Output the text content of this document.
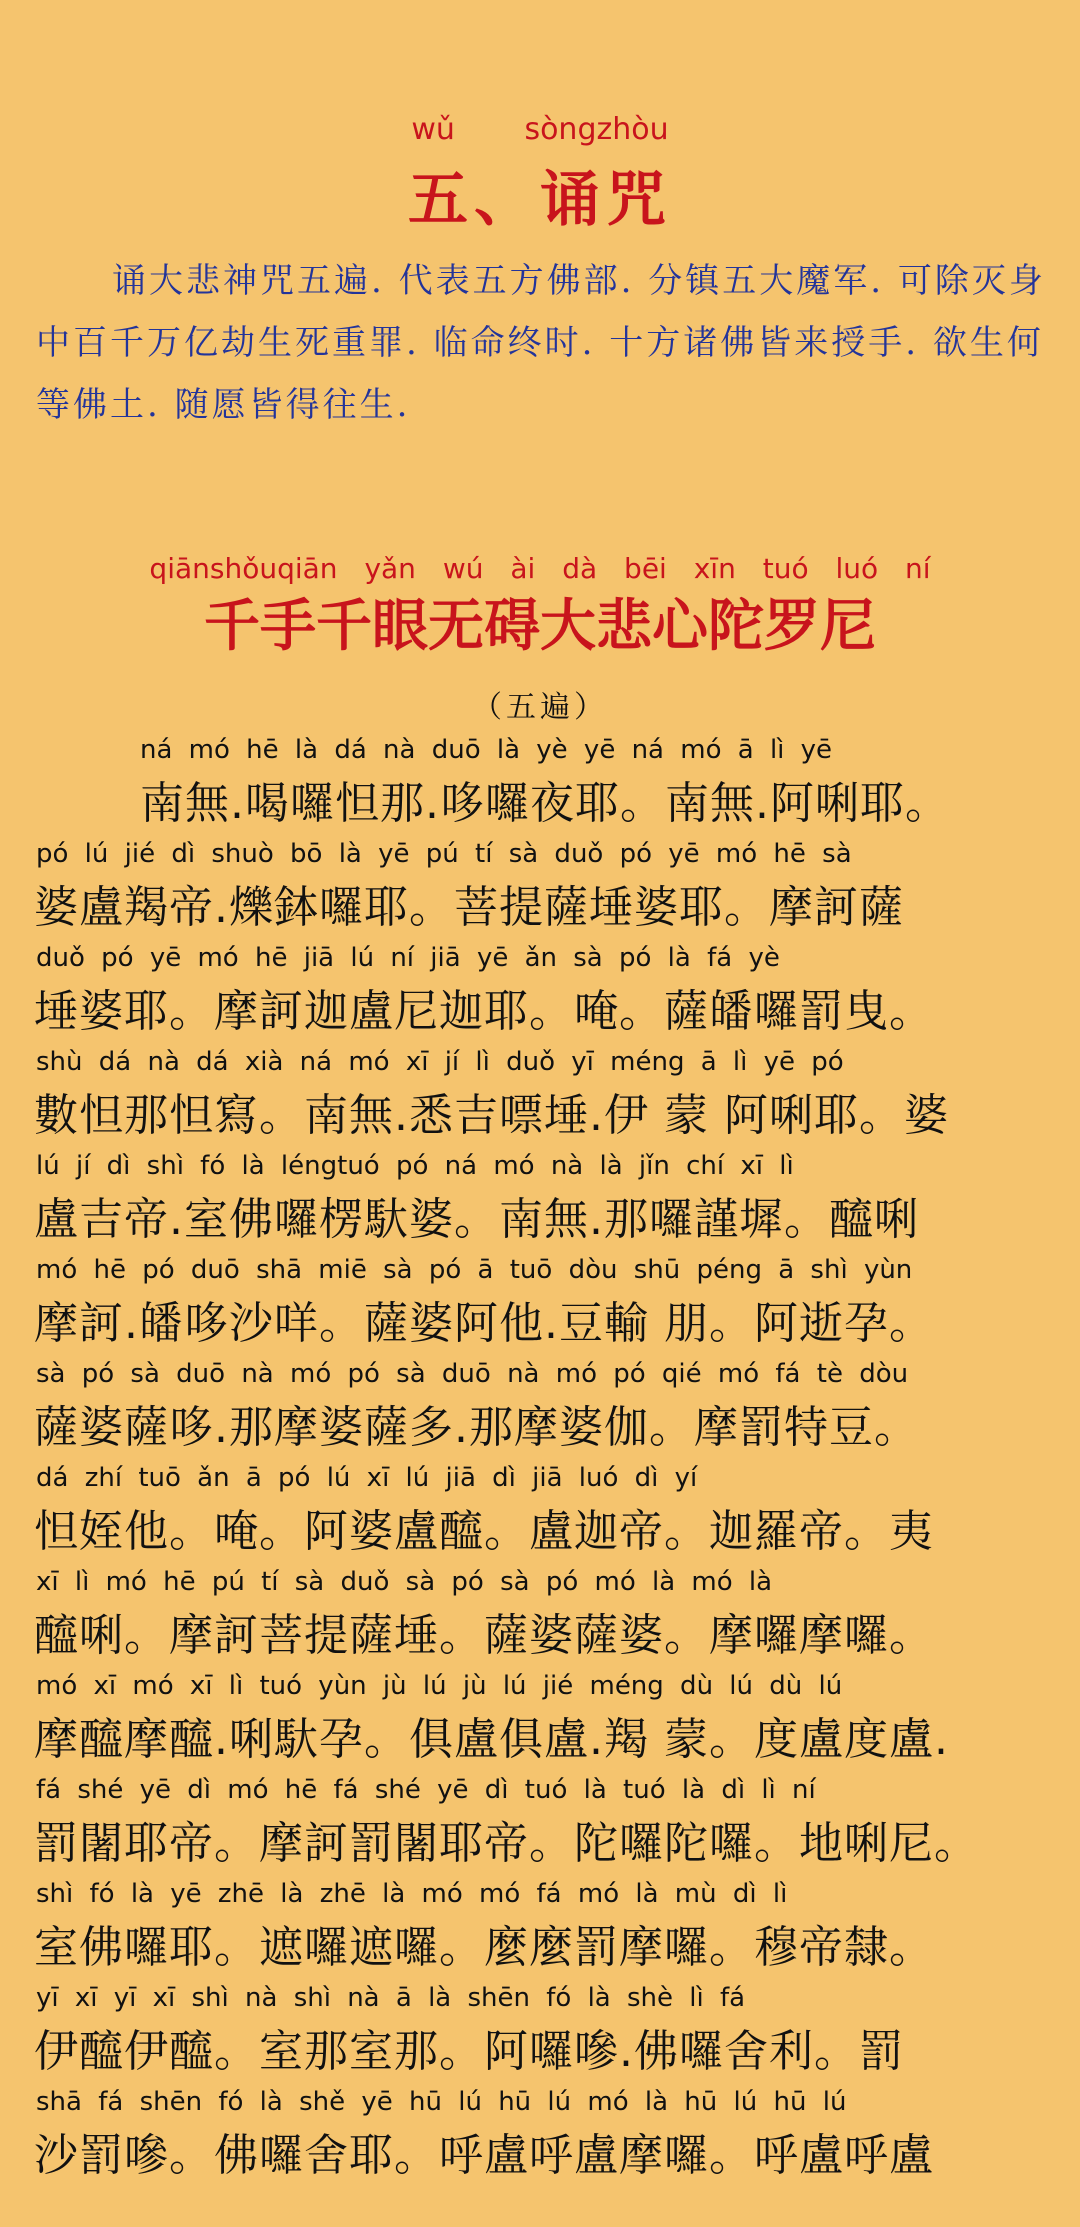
wǔ sòngzhòu
五、诵咒
诵大悲神咒五遍. 代表五方佛部. 分镇五大魔军. 可除灭身中百千万亿劫生死重罪. 临命终时. 十方诸佛皆来授手. 欲生何等佛土. 随愿皆得往生.
qiānshǒuqiān yǎn wú ài dà bēi xīn tuó luó ní
千手千眼无碍大悲心陀罗尼
（五遍）
ná mó hē là dá nà duō là yè yē ná mó ā lì yē
南無.喝囉怛那.哆囉夜耶。南無.阿唎耶。
pó lú jié dì shuò bō là yē pú tí sà duǒ pó yē mó hē sà
婆盧羯帝.爍鉢囉耶。菩提薩埵婆耶。摩訶薩
duǒ pó yē mó hē jiā lú ní jiā yē ǎn sà pó là fá yè
埵婆耶。摩訶迦盧尼迦耶。唵。薩皤囉罰曳。
shù dá nà dá xià ná mó xī jí lì duǒ yī méng ā lì yē pó
數怛那怛寫。南無.悉吉嘌埵.伊 蒙 阿唎耶。婆
lú jí dì shì fó là léngtuó pó ná mó nà là jǐn chí xī lì
盧吉帝.室佛囉楞馱婆。南無.那囉謹墀。醯唎
mó hē pó duō shā miē sà pó ā tuō dòu shū péng ā shì yùn
摩訶.皤哆沙咩。薩婆阿他.豆輸 朋。阿逝孕。
sà pó sà duō nà mó pó sà duō nà mó pó qié mó fá tè dòu
薩婆薩哆.那摩婆薩多.那摩婆伽。摩罰特豆。
dá zhí tuō ǎn ā pó lú xī lú jiā dì jiā luó dì yí
怛姪他。唵。阿婆盧醯。盧迦帝。迦羅帝。夷
xī lì mó hē pú tí sà duǒ sà pó sà pó mó là mó là
醯唎。摩訶菩提薩埵。薩婆薩婆。摩囉摩囉。
mó xī mó xī lì tuó yùn jù lú jù lú jié méng dù lú dù lú
摩醯摩醯.唎馱孕。俱盧俱盧.羯 蒙。度盧度盧.
fá shé yē dì mó hē fá shé yē dì tuó là tuó là dì lì ní
罰闍耶帝。摩訶罰闍耶帝。陀囉陀囉。地唎尼。
shì fó là yē zhē là zhē là mó mó fá mó là mù dì lì
室佛囉耶。遮囉遮囉。麼麼罰摩囉。穆帝隸。
yī xī yī xī shì nà shì nà ā là shēn fó là shè lì fá
伊醯伊醯。室那室那。阿囉嘇.佛囉舍利。罰
shā fá shēn fó là shě yē hū lú hū lú mó là hū lú hū lú
沙罰嘇。佛囉舍耶。呼盧呼盧摩囉。呼盧呼盧
